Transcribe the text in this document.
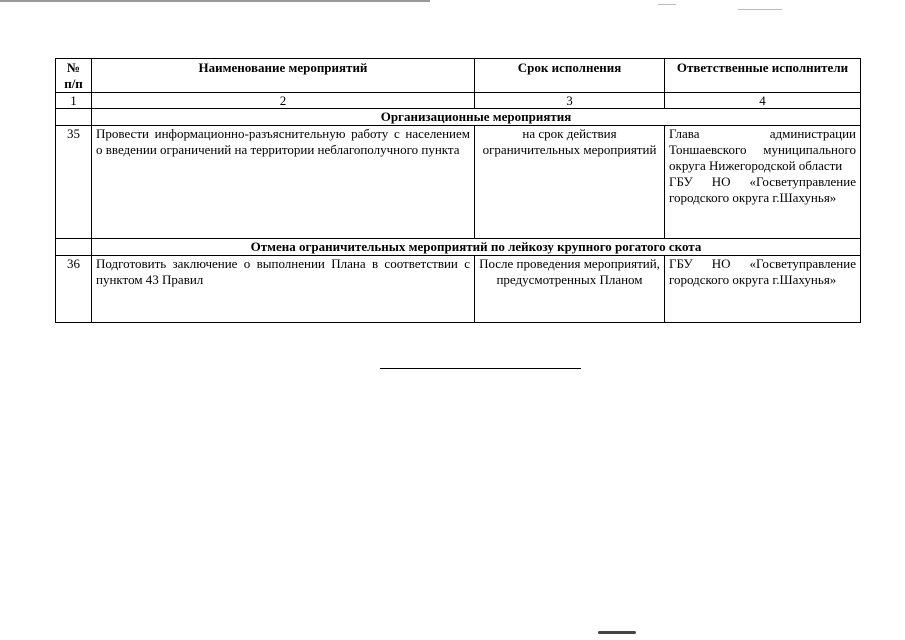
№ п/п	Наименование мероприятий	Срок исполнения	Ответственные исполнители
1	2	3	4
	Организационные мероприятия		
35	Провести информационно-разъяснительную работу с населением о введении ограничений на территории неблагополучного пункта	на срок действия ограничительных мероприятий	Глава администрации Тоншаевского муниципального округа Нижегородской области
ГБУ НО «Госветуправление городского округа г.Шахунья»

	Отмена ограничительных мероприятий по лейкозу крупного рогатого скота		
36	Подготовить заключение о выполнении Плана в соответствии с пунктом 43 Правил	После проведения мероприятий, предусмотренных Планом	ГБУ НО «Госветуправление городского округа г.Шахунья»
